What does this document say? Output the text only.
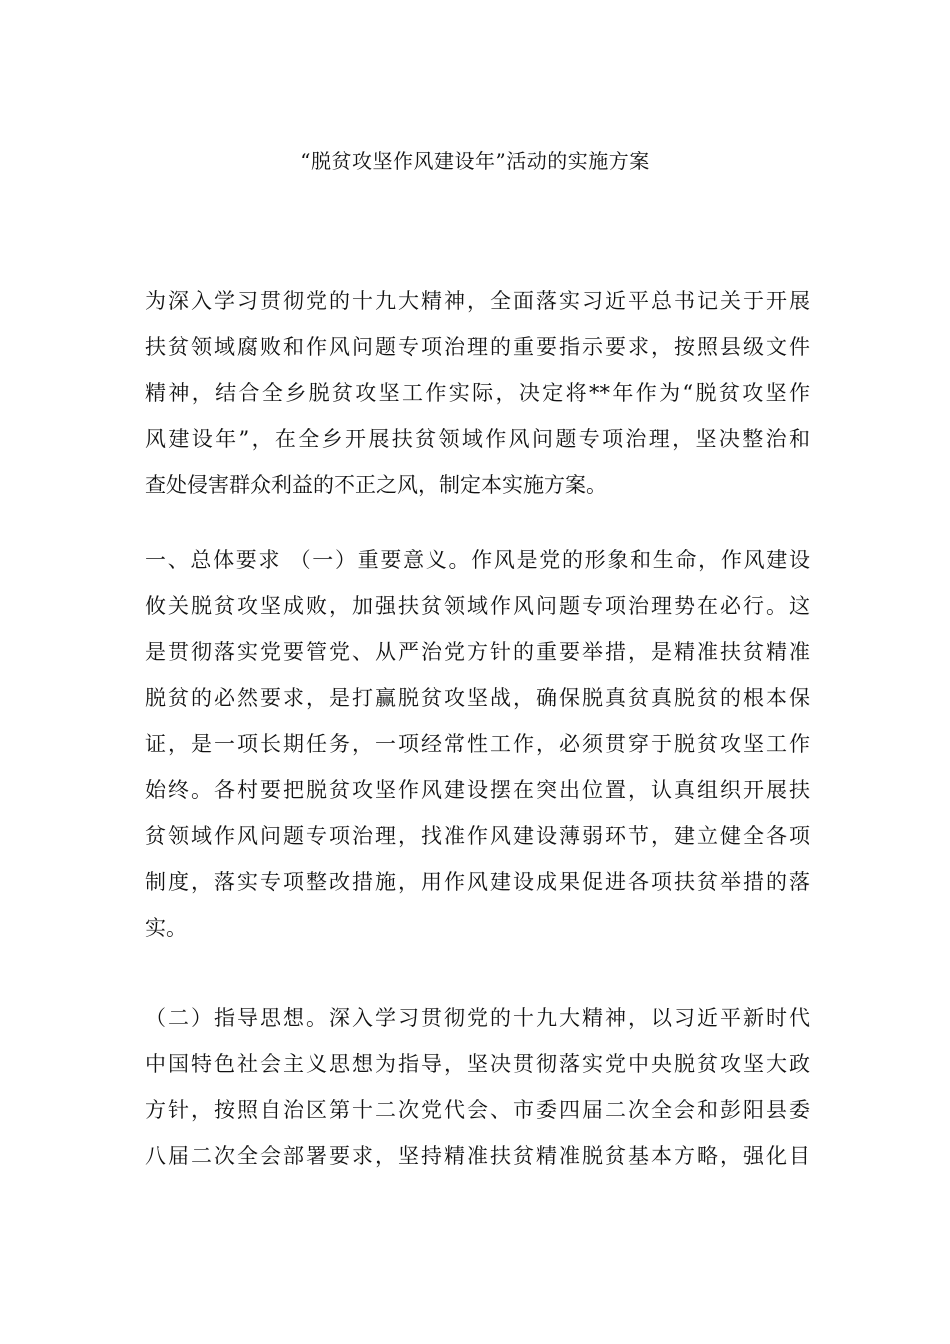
“脱贫攻坚作风建设年”活动的实施方案
为深入学习贯彻党的十九大精神，全面落实习近平总书记关于开展
扶贫领域腐败和作风问题专项治理的重要指示要求，按照县级文件
精神，结合全乡脱贫攻坚工作实际，决定将**年作为“脱贫攻坚作
风建设年”，在全乡开展扶贫领域作风问题专项治理，坚决整治和
查处侵害群众利益的不正之风，制定本实施方案。
一、总体要求 （一）重要意义。作风是党的形象和生命，作风建设
攸关脱贫攻坚成败，加强扶贫领域作风问题专项治理势在必行。这
是贯彻落实党要管党、从严治党方针的重要举措，是精准扶贫精准
脱贫的必然要求，是打赢脱贫攻坚战，确保脱真贫真脱贫的根本保
证，是一项长期任务，一项经常性工作，必须贯穿于脱贫攻坚工作
始终。各村要把脱贫攻坚作风建设摆在突出位置，认真组织开展扶
贫领域作风问题专项治理，找准作风建设薄弱环节，建立健全各项
制度，落实专项整改措施，用作风建设成果促进各项扶贫举措的落
实。
（二）指导思想。深入学习贯彻党的十九大精神，以习近平新时代
中国特色社会主义思想为指导，坚决贯彻落实党中央脱贫攻坚大政
方针，按照自治区第十二次党代会、市委四届二次全会和彭阳县委
八届二次全会部署要求，坚持精准扶贫精准脱贫基本方略，强化目
